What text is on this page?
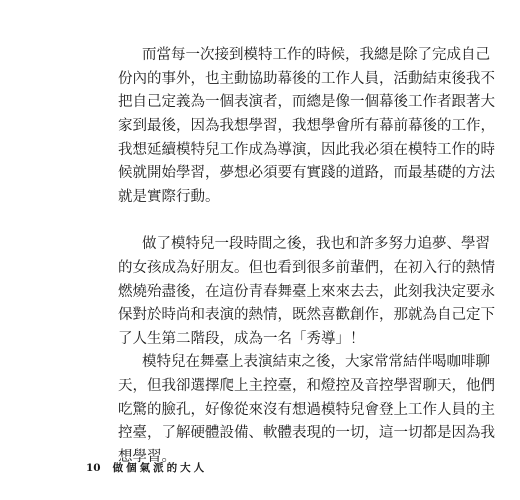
而當每一次接到模特工作的時候，我總是除了完成自己
份內的事外，也主動協助幕後的工作人員，活動結束後我不
把自己定義為一個表演者，而總是像一個幕後工作者跟著大
家到最後，因為我想學習，我想學會所有幕前幕後的工作，
我想延續模特兒工作成為導演，因此我必須在模特工作的時
候就開始學習，夢想必須要有實踐的道路，而最基礎的方法
就是實際行動。
做了模特兒一段時間之後，我也和許多努力追夢、學習
的女孩成為好朋友。但也看到很多前輩們，在初入行的熱情
燃燒殆盡後，在這份青春舞臺上來來去去，此刻我決定要永
保對於時尚和表演的熱情，既然喜歡創作，那就為自己定下
了人生第二階段，成為一名「秀導」！
模特兒在舞臺上表演結束之後，大家常常結伴喝咖啡聊
天，但我卻選擇爬上主控臺，和燈控及音控學習聊天，他們
吃驚的臉孔，好像從來沒有想過模特兒會登上工作人員的主
控臺，了解硬體設備、軟體表現的一切，這一切都是因為我
想學習。
10 做個氣派的大人
